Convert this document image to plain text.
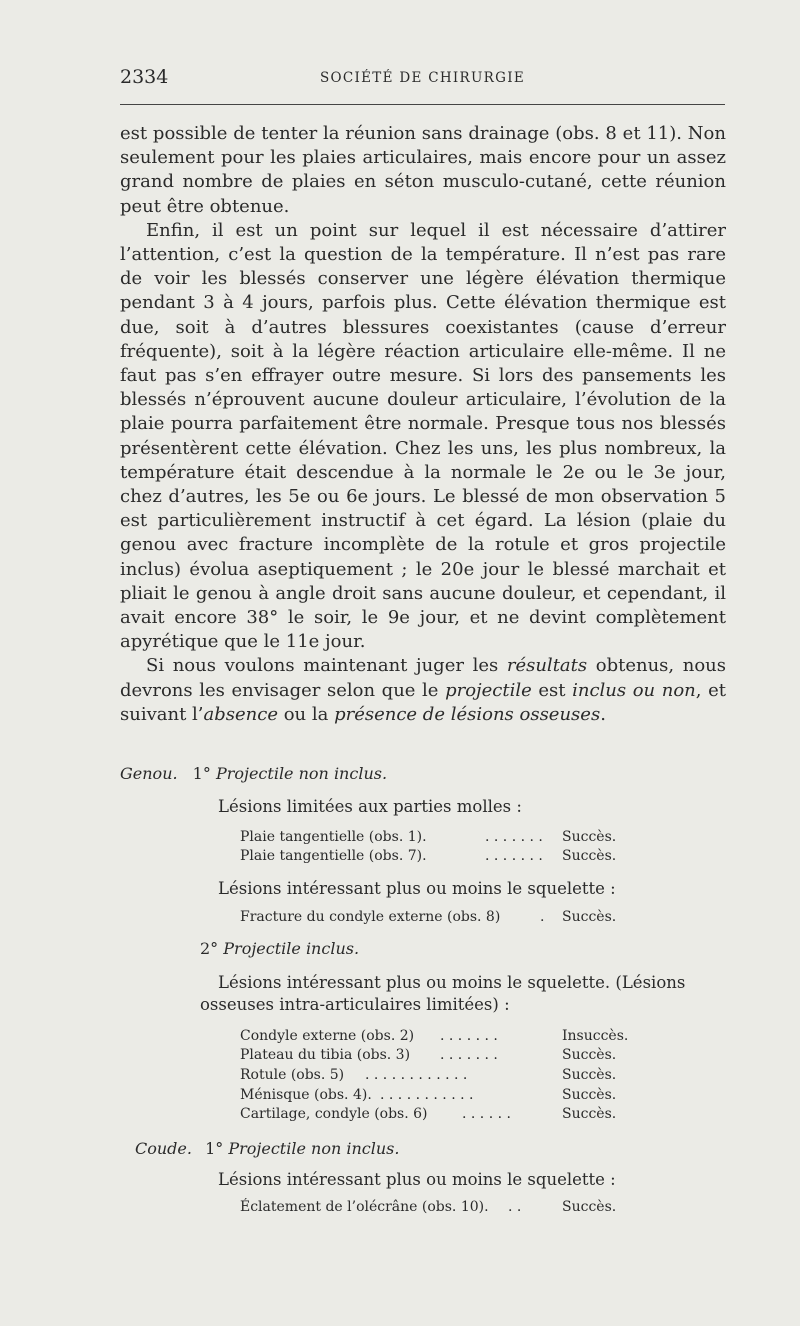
2334	SOCIÉTÉ DE CHIRURGIE

est possible de tenter la réunion sans drainage (obs. 8 et 11). Non seulement pour les plaies articulaires, mais encore pour un assez grand nombre de plaies en séton musculo-cutané, cette réunion peut être obtenue.

Enfin, il est un point sur lequel il est nécessaire d’attirer l’attention, c’est la question de la température. Il n’est pas rare de voir les blessés conserver une légère élévation thermique pendant 3 à 4 jours, parfois plus. Cette élévation thermique est due, soit à d’autres blessures coexistantes (cause d’erreur fréquente), soit à la légère réaction articulaire elle-même. Il ne faut pas s’en effrayer outre mesure. Si lors des pansements les blessés n’éprouvent aucune douleur articulaire, l’évolution de la plaie pourra parfaitement être normale. Presque tous nos blessés présentèrent cette élévation. Chez les uns, les plus nombreux, la température était descendue à la normale le 2e ou le 3e jour, chez d’autres, les 5e ou 6e jours. Le blessé de mon observation 5 est particulièrement instructif à cet égard. La lésion (plaie du genou avec fracture incomplète de la rotule et gros projectile inclus) évolua aseptiquement ; le 20e jour le blessé marchait et pliait le genou à angle droit sans aucune douleur, et cependant, il avait encore 38° le soir, le 9e jour, et ne devint complètement apyrétique que le 11e jour.

Si nous voulons maintenant juger les résultats obtenus, nous devrons les envisager selon que le projectile est inclus ou non, et suivant l’absence ou la présence de lésions osseuses.

Genou. 1° Projectile non inclus.
Lésions limitées aux parties molles :
Plaie tangentielle (obs. 1).	. . . . . . . Succès.
Plaie tangentielle (obs. 7).	. . . . . . . Succès.
Lésions intéressant plus ou moins le squelette :
Fracture du condyle externe (obs. 8)	. Succès.
2° Projectile inclus.
Lésions intéressant plus ou moins le squelette. (Lésions
osseuses intra-articulaires limitées) :
Condyle externe (obs. 2) . . . . . . .	Insuccès.
Plateau du tibia (obs. 3) . . . . . . .	Succès.
Rotule (obs. 5) . . . . . . . . . . . .	Succès.
Ménisque (obs. 4). . . . . . . . . . . .	Succès.
Cartilage, condyle (obs. 6) . . . . . .	Succès.
Coude. 1° Projectile non inclus.
Lésions intéressant plus ou moins le squelette :
Éclatement de l’olécrâne (obs. 10). . .	Succès.
